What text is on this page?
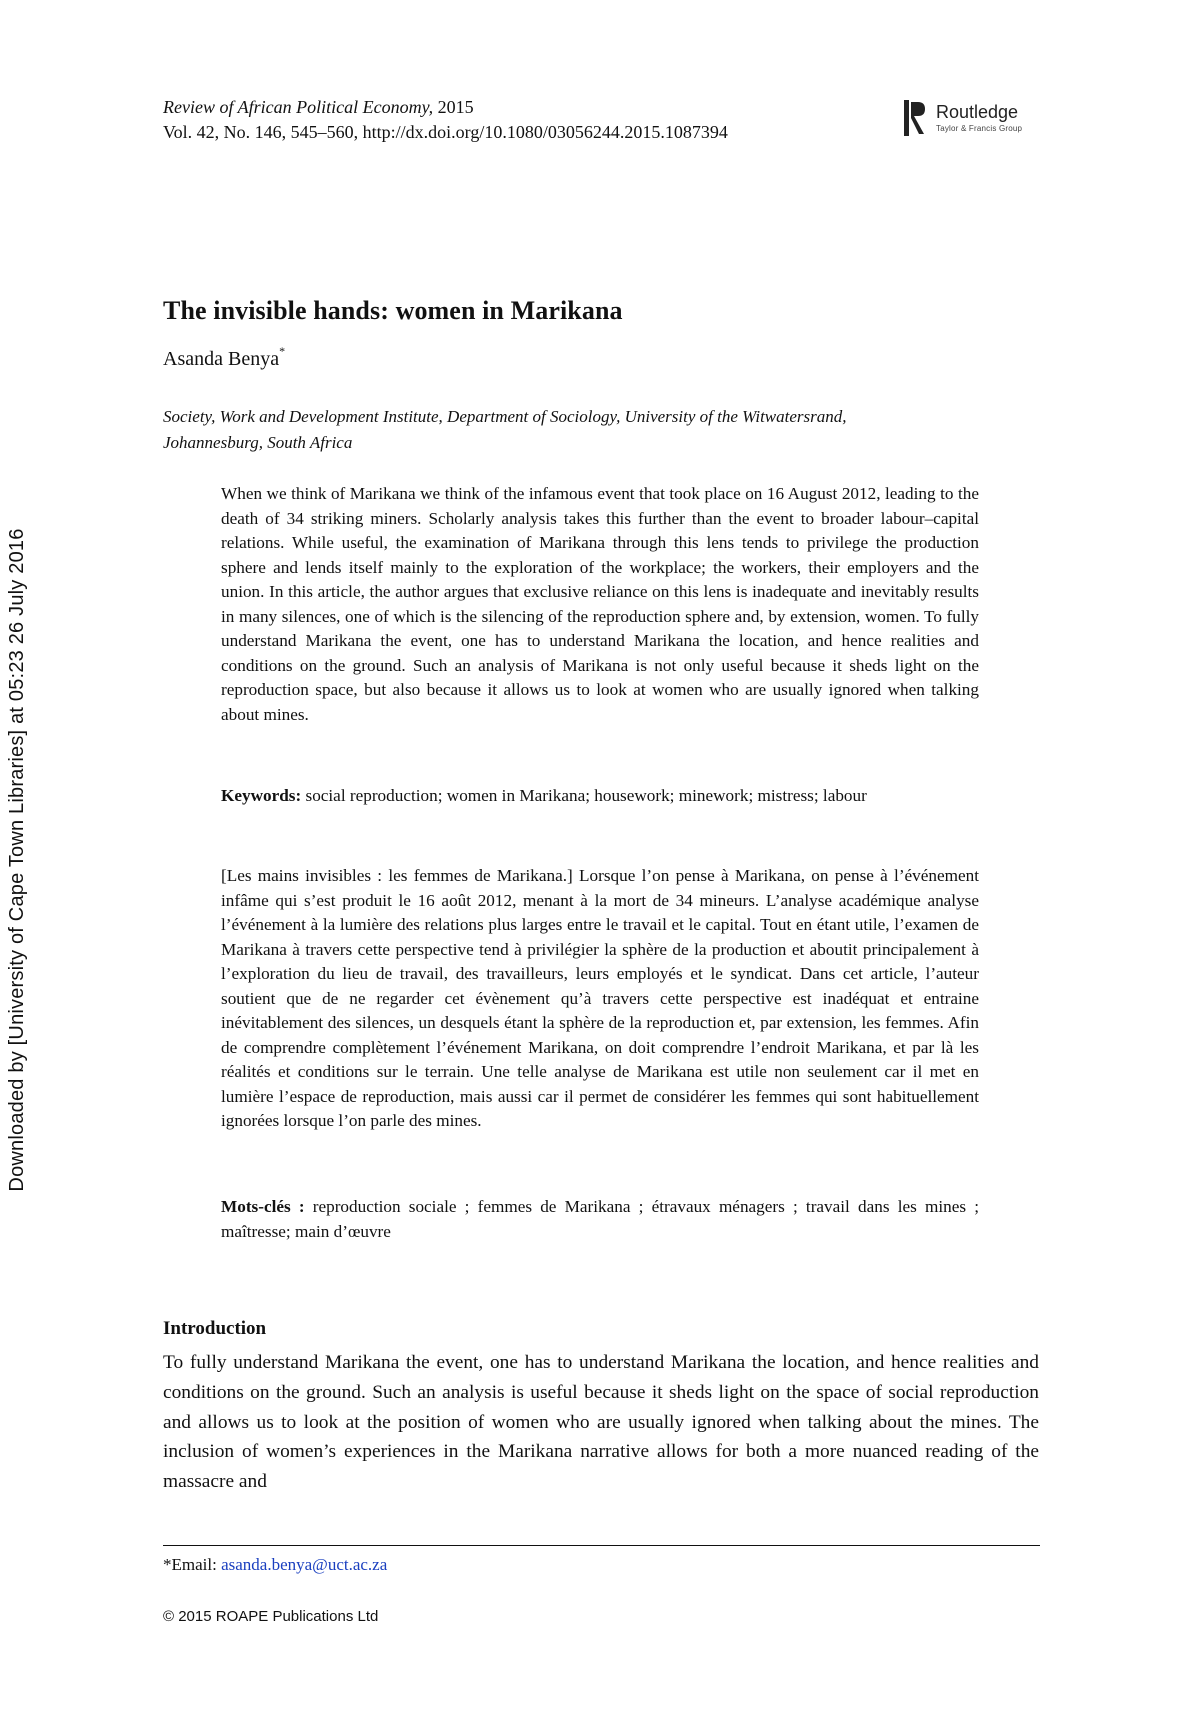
Review of African Political Economy, 2015
Vol. 42, No. 146, 545–560, http://dx.doi.org/10.1080/03056244.2015.1087394
Routledge
Taylor & Francis Group
Downloaded by [University of Cape Town Libraries] at 05:23 26 July 2016
The invisible hands: women in Marikana
Asanda Benya*
Society, Work and Development Institute, Department of Sociology, University of the Witwatersrand, Johannesburg, South Africa

When we think of Marikana we think of the infamous event that took place on 16 August 2012, leading to the death of 34 striking miners. Scholarly analysis takes this further than the event to broader labour–capital relations. While useful, the examination of Marikana through this lens tends to privilege the production sphere and lends itself mainly to the exploration of the workplace; the workers, their employers and the union. In this article, the author argues that exclusive reliance on this lens is inadequate and inevitably results in many silences, one of which is the silencing of the reproduction sphere and, by extension, women. To fully understand Marikana the event, one has to understand Marikana the location, and hence realities and conditions on the ground. Such an analysis of Marikana is not only useful because it sheds light on the reproduction space, but also because it allows us to look at women who are usually ignored when talking about mines.

Keywords: social reproduction; women in Marikana; housework; minework; mistress; labour

[Les mains invisibles : les femmes de Marikana.] Lorsque l’on pense à Marikana, on pense à l’événement infâme qui s’est produit le 16 août 2012, menant à la mort de 34 mineurs. L’analyse académique analyse l’événement à la lumière des relations plus larges entre le travail et le capital. Tout en étant utile, l’examen de Marikana à travers cette perspective tend à privilégier la sphère de la production et aboutit principalement à l’exploration du lieu de travail, des travailleurs, leurs employés et le syndicat. Dans cet article, l’auteur soutient que de ne regarder cet évènement qu’à travers cette perspective est inadéquat et entraine inévitablement des silences, un desquels étant la sphère de la reproduction et, par extension, les femmes. Afin de comprendre complètement l’événement Marikana, on doit comprendre l’endroit Marikana, et par là les réalités et conditions sur le terrain. Une telle analyse de Marikana est utile non seulement car il met en lumière l’espace de reproduction, mais aussi car il permet de considérer les femmes qui sont habituellement ignorées lorsque l’on parle des mines.

Mots-clés : reproduction sociale ; femmes de Marikana ; étravaux ménagers ; travail dans les mines ; maîtresse; main d’œuvre

Introduction

To fully understand Marikana the event, one has to understand Marikana the location, and hence realities and conditions on the ground. Such an analysis is useful because it sheds light on the space of social reproduction and allows us to look at the position of women who are usually ignored when talking about the mines. The inclusion of women’s experiences in the Marikana narrative allows for both a more nuanced reading of the massacre and

*Email: asanda.benya@uct.ac.za
© 2015 ROAPE Publications Ltd
